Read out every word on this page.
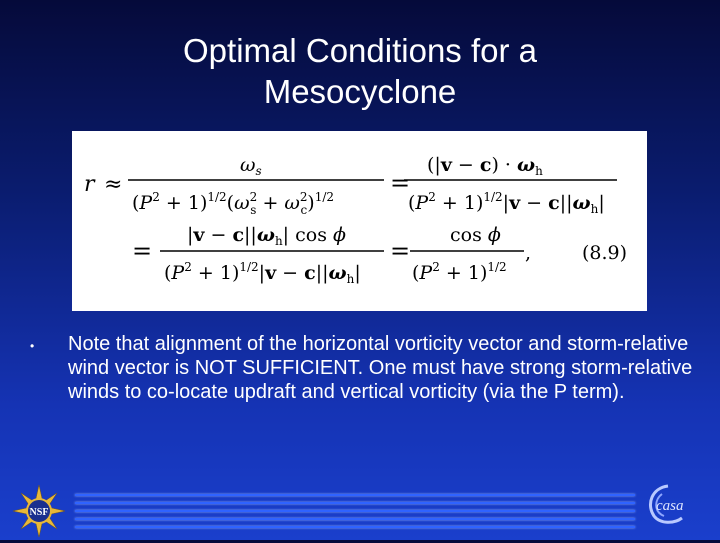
Optimal Conditions for a
Mesocyclone
r ≈
$\omega_s$
$(P^2 + 1)^{1/2}(\omega^2$ $s + \omega^2$ c)$^{1/2}$ =
$(|v - c) \cdot \omega_h$
$(P^2 + 1)^{1/2}|v - c||\omega_h|$
=
$|v - c||\omega_h|$ cos ϕ
$(P^2 + 1)^{1/2}|v - c||\omega_h|$
=
cos ϕ
$(P^2 + 1)^{1/2}$
,	(8.9)
• Note that alignment of the horizontal vorticity vector and storm-relative wind vector is NOT SUFFICIENT. One must have strong storm-relative winds to co-locate updraft and vertical vorticity (via the P term).
NSF	casa
